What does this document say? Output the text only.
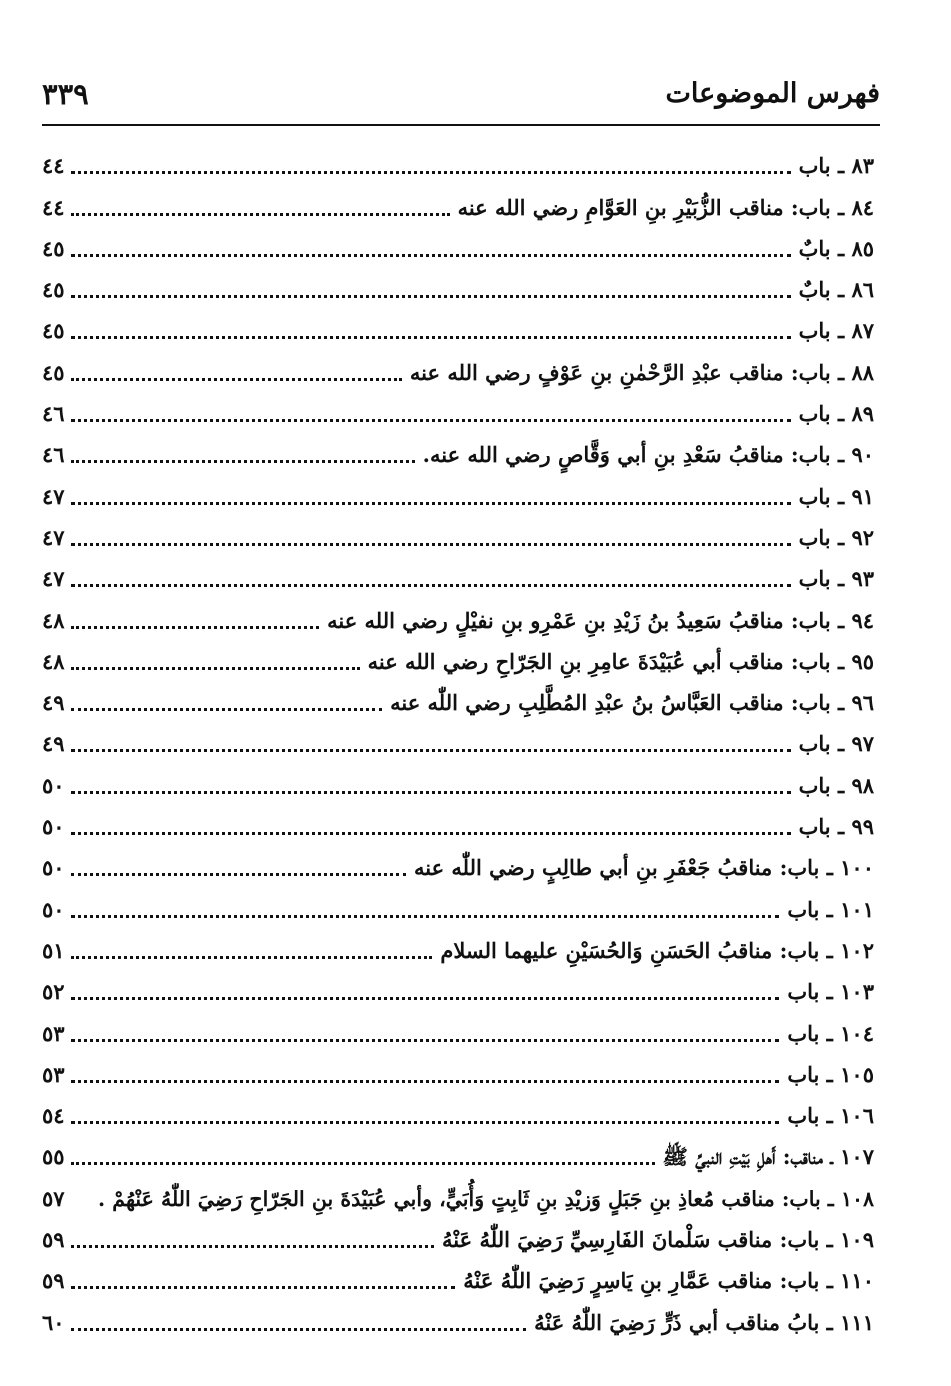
فهرس الموضوعات
٣٣٩
٨٣ ـ باب
٤٤
٨٤ ـ باب: مناقب الزُّبَيْرِ بنِ العَوَّامِ رضي الله عنه
٤٤
٨٥ ـ بابٌ
٤٥
٨٦ ـ بابٌ
٤٥
٨٧ ـ باب
٤٥
٨٨ ـ باب: مناقب عبْدِ الرَّحْمٰنِ بنِ عَوْفٍ رضي الله عنه
٤٥
٨٩ ـ باب
٤٦
٩٠ ـ باب: مناقبُ سَعْدِ بنِ أبي وَقَّاصٍ رضي الله عنه.
٤٦
٩١ ـ باب
٤٧
٩٢ ـ باب
٤٧
٩٣ ـ باب
٤٧
٩٤ ـ باب: مناقبُ سَعِيدُ بنُ زَيْدِ بنِ عَمْرِو بنِ نفيْلٍ رضي الله عنه
٤٨
٩٥ ـ باب: مناقب أبي عُبَيْدَةَ عامِرِ بنِ الجَرّاحِ رضي الله عنه
٤٨
٩٦ ـ باب: مناقب العَبَّاسُ بنُ عبْدِ المُطَّلِبِ رضي اللّٰه عنه
٤٩
٩٧ ـ باب
٤٩
٩٨ ـ باب
٥٠
٩٩ ـ باب
٥٠
١٠٠ ـ باب: مناقبُ جَعْفَرِ بنِ أبي طالِبٍ رضي اللّٰه عنه
٥٠
١٠١ ـ باب
٥٠
١٠٢ ـ باب: مناقبُ الحَسَنِ وَالحُسَيْنِ عليهما السلام
٥١
١٠٣ ـ باب
٥٢
١٠٤ ـ باب
٥٣
١٠٥ ـ باب
٥٣
١٠٦ ـ باب
٥٤
١٠٧ ـ مناقب: أَهلِ بَيْتِ النبيِّ ﷺ
٥٥
١٠٨ ـ باب: مناقب مُعاذِ بنِ جَبَلٍ وَزيْدِ بنِ ثَابِتٍ وَأُبَيٍّ، وأبي عُبَيْدَةَ بنِ الجَرّاحِ رَضِيَ اللّٰهُ عَنْهُمْ .
٥٧
١٠٩ ـ باب: مناقب سَلْمانَ الفَارِسِيِّ رَضِيَ اللّٰهُ عَنْهُ
٥٩
١١٠ ـ باب: مناقب عَمَّارِ بنِ يَاسِرٍ رَضِيَ اللّٰهُ عَنْهُ
٥٩
١١١ ـ بابُ مناقب أبي ذَرٍّ رَضِيَ اللّٰهُ عَنْهُ
٦٠
